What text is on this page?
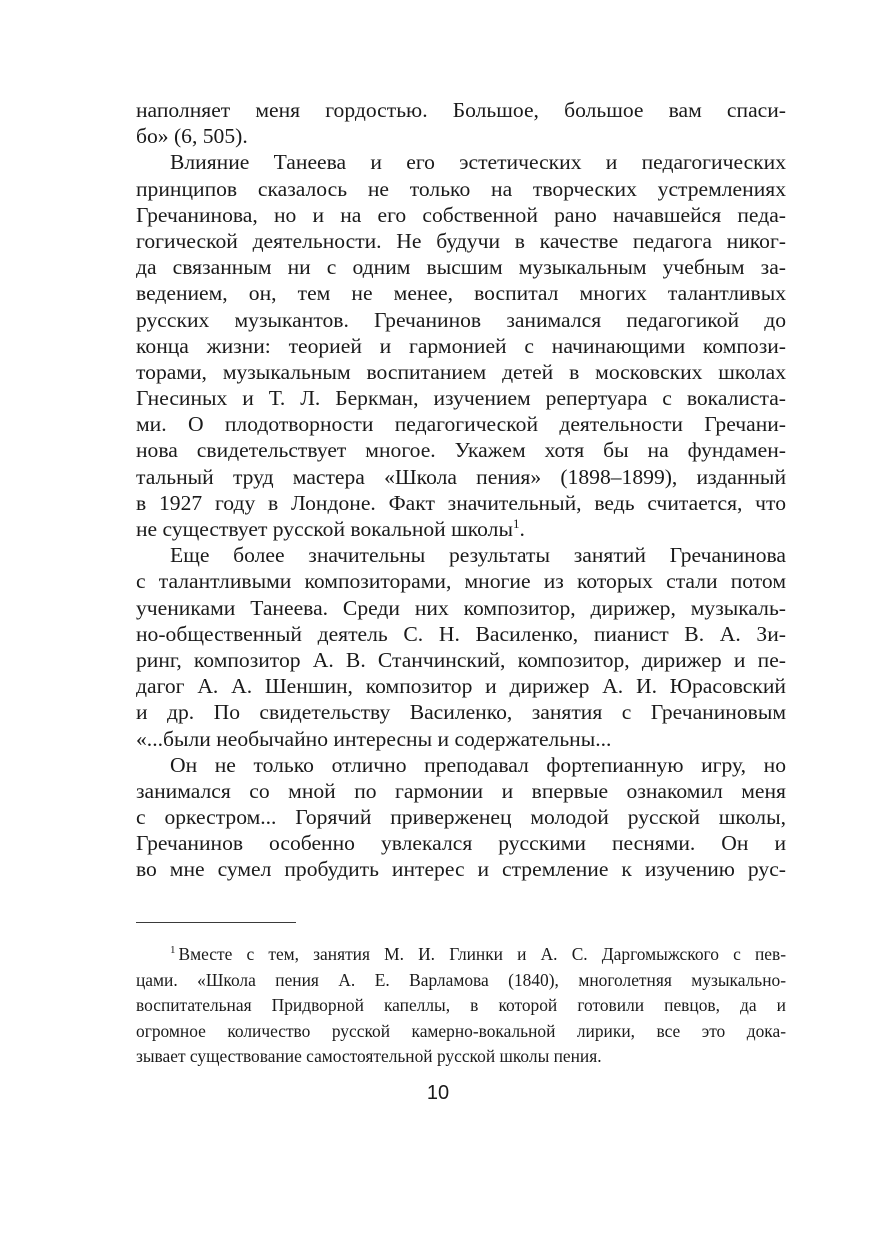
наполняет меня гордостью. Большое, большое вам спаси-
бо» (6, 505).
Влияние Танеева и его эстетических и педагогических
принципов сказалось не только на творческих устремлениях
Гречанинова, но и на его собственной рано начавшейся педа-
гогической деятельности. Не будучи в качестве педагога никог-
да связанным ни с одним высшим музыкальным учебным за-
ведением, он, тем не менее, воспитал многих талантливых
русских музыкантов. Гречанинов занимался педагогикой до
конца жизни: теорией и гармонией с начинающими компози-
торами, музыкальным воспитанием детей в московских школах
Гнесиных и Т. Л. Беркман, изучением репертуара с вокалиста-
ми. О плодотворности педагогической деятельности Гречани-
нова свидетельствует многое. Укажем хотя бы на фундамен-
тальный труд мастера «Школа пения» (1898–1899), изданный
в 1927 году в Лондоне. Факт значительный, ведь считается, что
не существует русской вокальной школы$^1$.
Еще более значительны результаты занятий Гречанинова
с талантливыми композиторами, многие из которых стали потом
учениками Танеева. Среди них композитор, дирижер, музыкаль-
но-общественный деятель С. Н. Василенко, пианист В. А. Зи-
ринг, композитор А. В. Станчинский, композитор, дирижер и пе-
дагог А. А. Шеншин, композитор и дирижер А. И. Юрасовский
и др. По свидетельству Василенко, занятия с Гречаниновым
«...были необычайно интересны и содержательны...
Он не только отлично преподавал фортепианную игру, но
занимался со мной по гармонии и впервые ознакомил меня
с оркестром... Горячий приверженец молодой русской школы,
Гречанинов особенно увлекался русскими песнями. Он и
во мне сумел пробудить интерес и стремление к изучению рус-
$^1$ Вместе с тем, занятия М. И. Глинки и А. С. Даргомыжского с пев-
цами. «Школа пения А. Е. Варламова (1840), многолетняя музыкально-
воспитательная Придворной капеллы, в которой готовили певцов, да и
огромное количество русской камерно-вокальной лирики, все это дока-
зывает существование самостоятельной русской школы пения.
10
